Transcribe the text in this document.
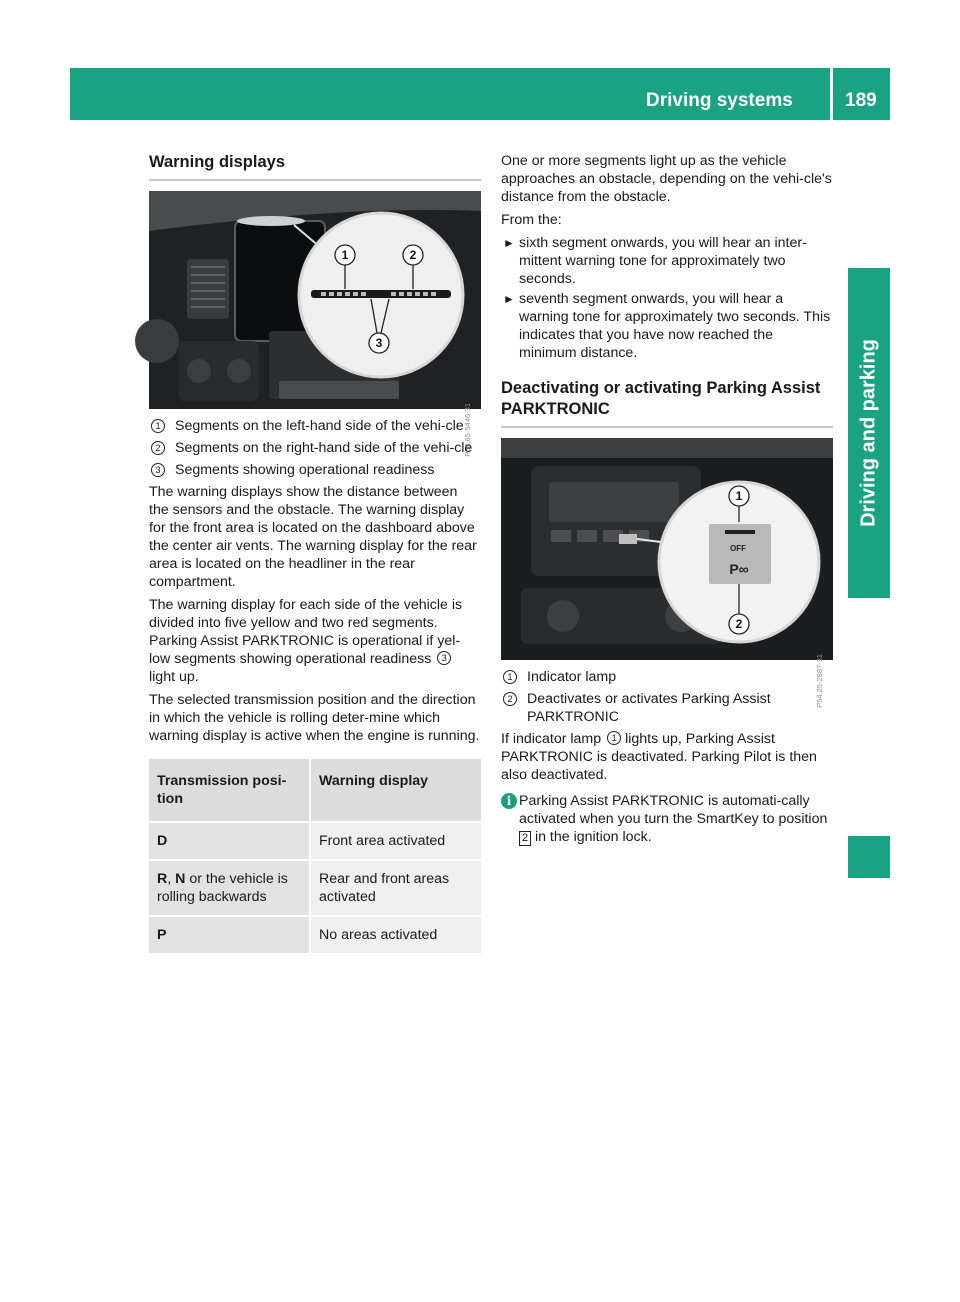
Driving systems	189
Driving and parking
Warning displays
1	2
3
P54.65-5446-31
1	Segments on the left-hand side of the vehi-cle
2	Segments on the right-hand side of the vehi-cle
3	Segments showing operational readiness

The warning displays show the distance between the sensors and the obstacle. The warning display for the front area is located on the dashboard above the center air vents. The warning display for the rear area is located on the headliner in the rear compartment.

The warning display for each side of the vehicle is divided into five yellow and two red segments. Parking Assist PARKTRONIC is operational if yel-low segments showing operational readiness 3 light up.

The selected transmission position and the direction in which the vehicle is rolling deter-mine which warning display is active when the engine is running.

Transmission posi-tion	Warning display
D	Front area activated
R, N or the vehicle is rolling backwards	Rear and front areas activated
P	No areas activated

One or more segments light up as the vehicle approaches an obstacle, depending on the vehi-cle's distance from the obstacle.

From the:

► sixth segment onwards, you will hear an inter-mittent warning tone for approximately two seconds.
► seventh segment onwards, you will hear a warning tone for approximately two seconds. This indicates that you have now reached the minimum distance.
Deactivating or activating Parking Assist PARKTRONIC
1
2
P∞
OFF
P54.25-2887-31
1	Indicator lamp
2	Deactivates or activates Parking Assist PARKTRONIC

If indicator lamp 1 lights up, Parking Assist PARKTRONIC is deactivated. Parking Pilot is then also deactivated.

i Parking Assist PARKTRONIC is automati-cally activated when you turn the SmartKey to position 2 in the ignition lock.
